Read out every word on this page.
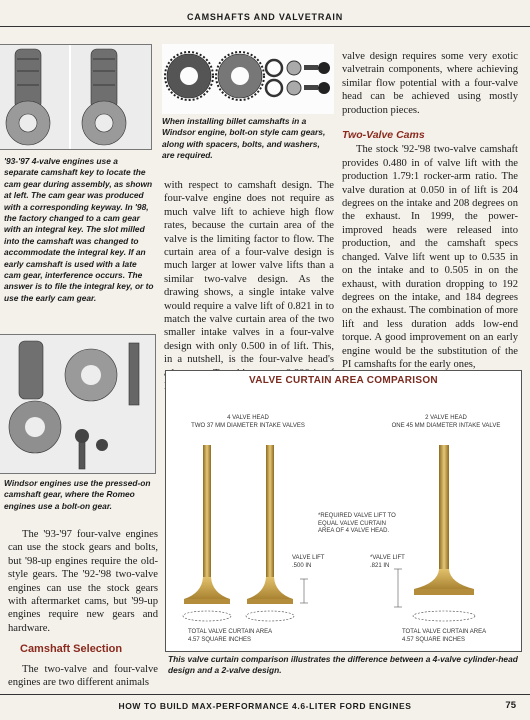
CAMSHAFTS AND VALVETRAIN

When installing billet camshafts in a Windsor engine, bolt-on style cam gears, along with spacers, bolts, and washers, are required.

'93-'97 4-valve engines use a separate camshaft key to locate the cam gear during assembly, as shown at left. The cam gear was produced with a corresponding keyway. In '98, the factory changed to a cam gear with an integral key. The slot milled into the camshaft was changed to accommodate the integral key. If an early camshaft is used with a late cam gear, interference occurs. The answer is to file the integral key, or to use the early cam gear.

Windsor engines use the pressed-on camshaft gear, where the Romeo engines use a bolt-on gear.

The '93-'97 four-valve engines can use the stock gears and bolts, but '98-up engines require the old-style gears. The '92-'98 two-valve engines can use the stock gears with aftermarket cams, but '99-up engines require new gears and hardware.

Camshaft Selection

The two-valve and four-valve engines are two different animals

with respect to camshaft design. The four-valve engine does not require as much valve lift to achieve high flow rates, because the curtain area of the valve is the limiting factor to flow. The curtain area of a four-valve design is much larger at lower valve lifts than a similar two-valve design. As the drawing shows, a single intake valve would require a valve lift of 0.821 in to match the valve curtain area of the two smaller intake valves in a four-valve design with only 0.500 in of lift. This, in a nutshell, is the four-valve head's

valve design requires some very exotic valvetrain components, where achieving similar flow potential with a four-valve head can be achieved using mostly production pieces.

Two-Valve Cams

The stock '92-'98 two-valve camshaft provides 0.480 in of valve lift with the production 1.79:1 rocker-arm ratio. The valve duration at 0.050 in of lift is 204 degrees on the intake and 208 degrees on the exhaust. In 1999, the power-improved heads were released into production, and the camshaft specs changed. Valve lift went up to 0.535 in on the intake and to 0.505 in on the exhaust, with duration dropping to 192 degrees on the intake, and 184 degrees on the exhaust. The combination of more lift and less duration adds low-end torque. A good improvement on an early engine would be the substitution of the PI camshafts for the early ones,

VALVE CURTAIN AREA COMPARISON
4 VALVE HEAD
TWO 37 MM DIAMETER INTAKE VALVES
2 VALVE HEAD
ONE 45 MM DIAMETER INTAKE VALVE
*REQUIRED VALVE LIFT TO EQUAL VALVE CURTAIN AREA OF 4 VALVE HEAD.
VALVE LIFT
.500 IN
*VALVE LIFT
.821 IN
TOTAL VALVE CURTAIN AREA
4.57 SQUARE INCHES
TOTAL VALVE CURTAIN AREA
4.57 SQUARE INCHES

This valve curtain comparison illustrates the difference between a 4-valve cylinder-head design and a 2-valve design.

HOW TO BUILD MAX-PERFORMANCE 4.6-LITER FORD ENGINES	75
